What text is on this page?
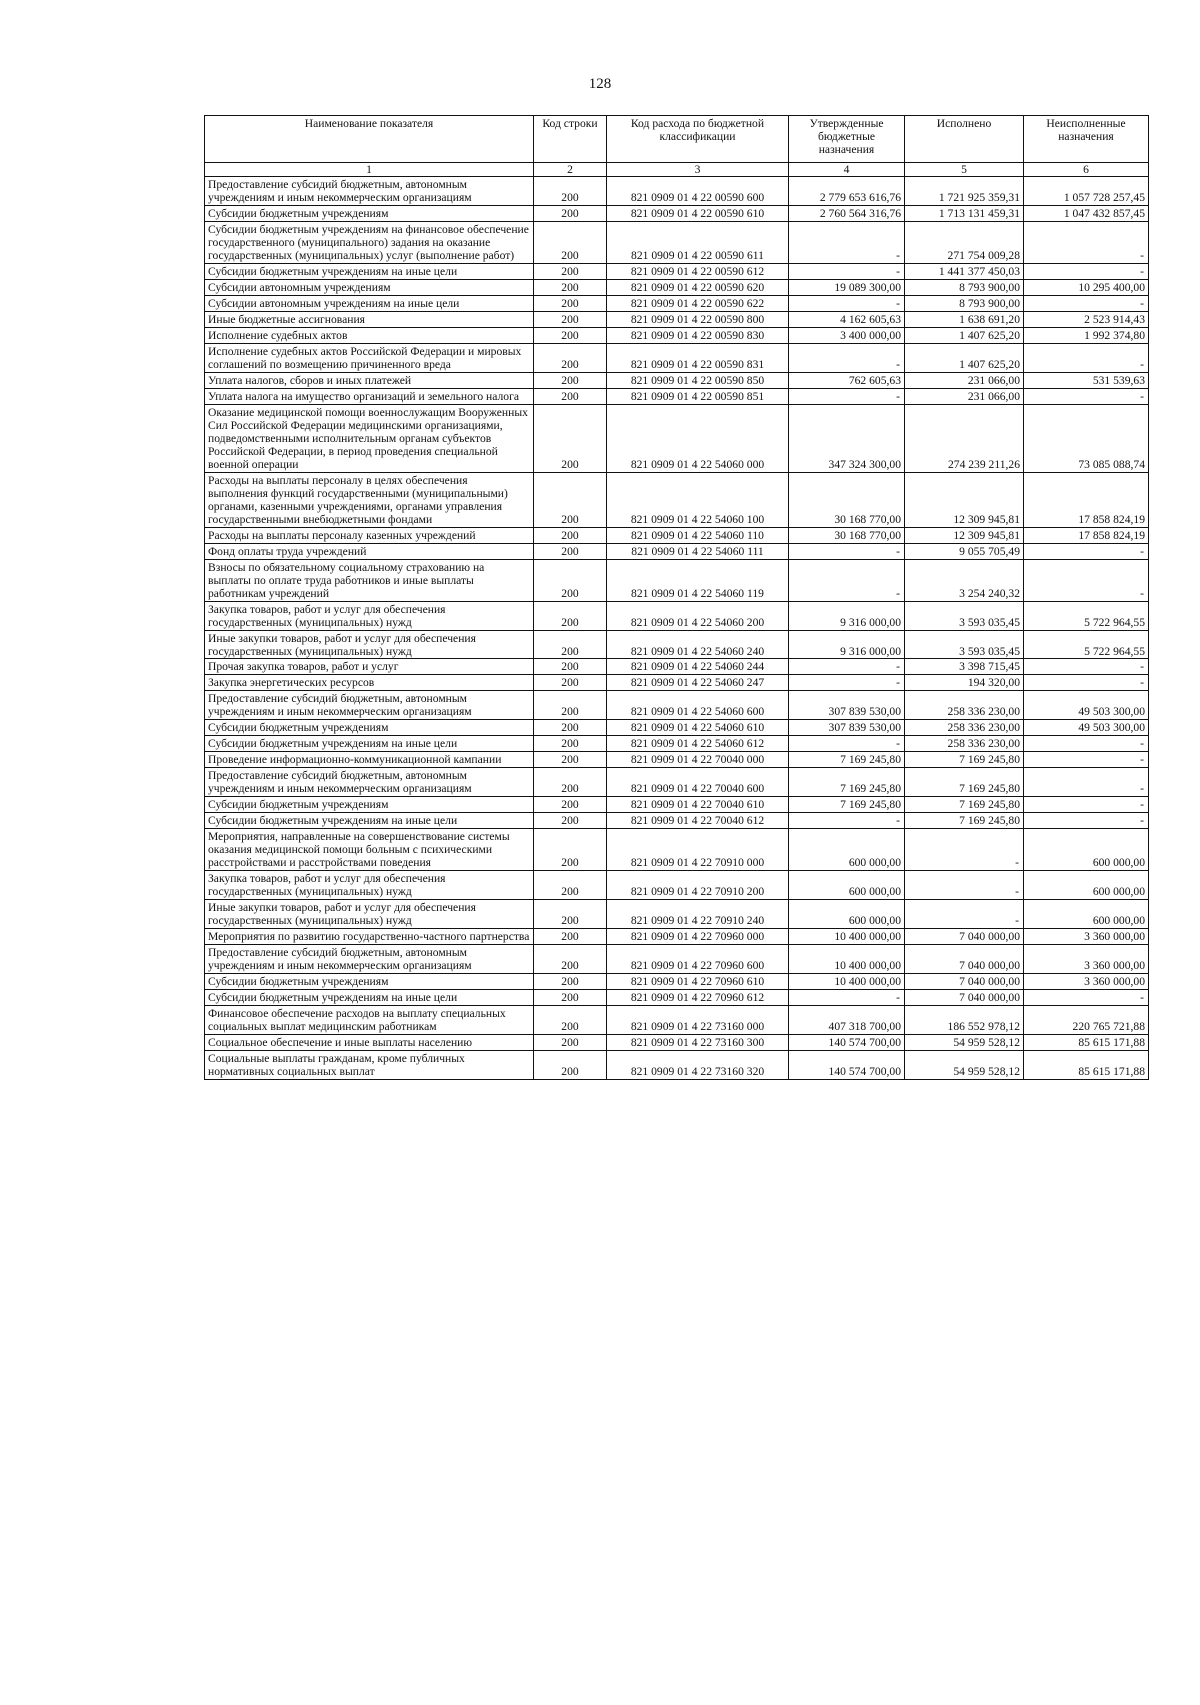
128
Наименование показателя	Код строки	Код расхода по бюджетной классификации	Утвержденные бюджетные назначения	Исполнено	Неисполненные назначения
1	2	3	4	5	6
Предоставление субсидий бюджетным, автономным учреждениям и иным некоммерческим организациям	200	821 0909 01 4 22 00590 600	2 779 653 616,76	1 721 925 359,31	1 057 728 257,45
Субсидии бюджетным учреждениям	200	821 0909 01 4 22 00590 610	2 760 564 316,76	1 713 131 459,31	1 047 432 857,45
Субсидии бюджетным учреждениям на финансовое обеспечение государственного (муниципального) задания на оказание государственных (муниципальных) услуг (выполнение работ)	200	821 0909 01 4 22 00590 611	-	271 754 009,28	-
Субсидии бюджетным учреждениям на иные цели	200	821 0909 01 4 22 00590 612	-	1 441 377 450,03	-
Субсидии автономным учреждениям	200	821 0909 01 4 22 00590 620	19 089 300,00	8 793 900,00	10 295 400,00
Субсидии автономным учреждениям на иные цели	200	821 0909 01 4 22 00590 622	-	8 793 900,00	-
Иные бюджетные ассигнования	200	821 0909 01 4 22 00590 800	4 162 605,63	1 638 691,20	2 523 914,43
Исполнение судебных актов	200	821 0909 01 4 22 00590 830	3 400 000,00	1 407 625,20	1 992 374,80
Исполнение судебных актов Российской Федерации и мировых соглашений по возмещению причиненного вреда	200	821 0909 01 4 22 00590 831	-	1 407 625,20	-
Уплата налогов, сборов и иных платежей	200	821 0909 01 4 22 00590 850	762 605,63	231 066,00	531 539,63
Уплата налога на имущество организаций и земельного налога	200	821 0909 01 4 22 00590 851	-	231 066,00	-
Оказание медицинской помощи военнослужащим Вооруженных Сил Российской Федерации медицинскими организациями, подведомственными исполнительным органам субъектов Российской Федерации, в период проведения специальной военной операции	200	821 0909 01 4 22 54060 000	347 324 300,00	274 239 211,26	73 085 088,74
Расходы на выплаты персоналу в целях обеспечения выполнения функций государственными (муниципальными) органами, казенными учреждениями, органами управления государственными внебюджетными фондами	200	821 0909 01 4 22 54060 100	30 168 770,00	12 309 945,81	17 858 824,19
Расходы на выплаты персоналу казенных учреждений	200	821 0909 01 4 22 54060 110	30 168 770,00	12 309 945,81	17 858 824,19
Фонд оплаты труда учреждений	200	821 0909 01 4 22 54060 111	-	9 055 705,49	-
Взносы по обязательному социальному страхованию на выплаты по оплате труда работников и иные выплаты работникам учреждений	200	821 0909 01 4 22 54060 119	-	3 254 240,32	-
Закупка товаров, работ и услуг для обеспечения государственных (муниципальных) нужд	200	821 0909 01 4 22 54060 200	9 316 000,00	3 593 035,45	5 722 964,55
Иные закупки товаров, работ и услуг для обеспечения государственных (муниципальных) нужд	200	821 0909 01 4 22 54060 240	9 316 000,00	3 593 035,45	5 722 964,55
Прочая закупка товаров, работ и услуг	200	821 0909 01 4 22 54060 244	-	3 398 715,45	-
Закупка энергетических ресурсов	200	821 0909 01 4 22 54060 247	-	194 320,00	-
Предоставление субсидий бюджетным, автономным учреждениям и иным некоммерческим организациям	200	821 0909 01 4 22 54060 600	307 839 530,00	258 336 230,00	49 503 300,00
Субсидии бюджетным учреждениям	200	821 0909 01 4 22 54060 610	307 839 530,00	258 336 230,00	49 503 300,00
Субсидии бюджетным учреждениям на иные цели	200	821 0909 01 4 22 54060 612	-	258 336 230,00	-
Проведение информационно-коммуникационной кампании	200	821 0909 01 4 22 70040 000	7 169 245,80	7 169 245,80	-
Предоставление субсидий бюджетным, автономным учреждениям и иным некоммерческим организациям	200	821 0909 01 4 22 70040 600	7 169 245,80	7 169 245,80	-
Субсидии бюджетным учреждениям	200	821 0909 01 4 22 70040 610	7 169 245,80	7 169 245,80	-
Субсидии бюджетным учреждениям на иные цели	200	821 0909 01 4 22 70040 612	-	7 169 245,80	-
Мероприятия, направленные на совершенствование системы оказания медицинской помощи больным с психическими расстройствами и расстройствами поведения	200	821 0909 01 4 22 70910 000	600 000,00	-	600 000,00
Закупка товаров, работ и услуг для обеспечения государственных (муниципальных) нужд	200	821 0909 01 4 22 70910 200	600 000,00	-	600 000,00
Иные закупки товаров, работ и услуг для обеспечения государственных (муниципальных) нужд	200	821 0909 01 4 22 70910 240	600 000,00	-	600 000,00
Мероприятия по развитию государственно-частного партнерства	200	821 0909 01 4 22 70960 000	10 400 000,00	7 040 000,00	3 360 000,00
Предоставление субсидий бюджетным, автономным учреждениям и иным некоммерческим организациям	200	821 0909 01 4 22 70960 600	10 400 000,00	7 040 000,00	3 360 000,00
Субсидии бюджетным учреждениям	200	821 0909 01 4 22 70960 610	10 400 000,00	7 040 000,00	3 360 000,00
Субсидии бюджетным учреждениям на иные цели	200	821 0909 01 4 22 70960 612	-	7 040 000,00	-
Финансовое обеспечение расходов на выплату специальных социальных выплат медицинским работникам	200	821 0909 01 4 22 73160 000	407 318 700,00	186 552 978,12	220 765 721,88
Социальное обеспечение и иные выплаты населению	200	821 0909 01 4 22 73160 300	140 574 700,00	54 959 528,12	85 615 171,88
Социальные выплаты гражданам, кроме публичных нормативных социальных выплат	200	821 0909 01 4 22 73160 320	140 574 700,00	54 959 528,12	85 615 171,88
